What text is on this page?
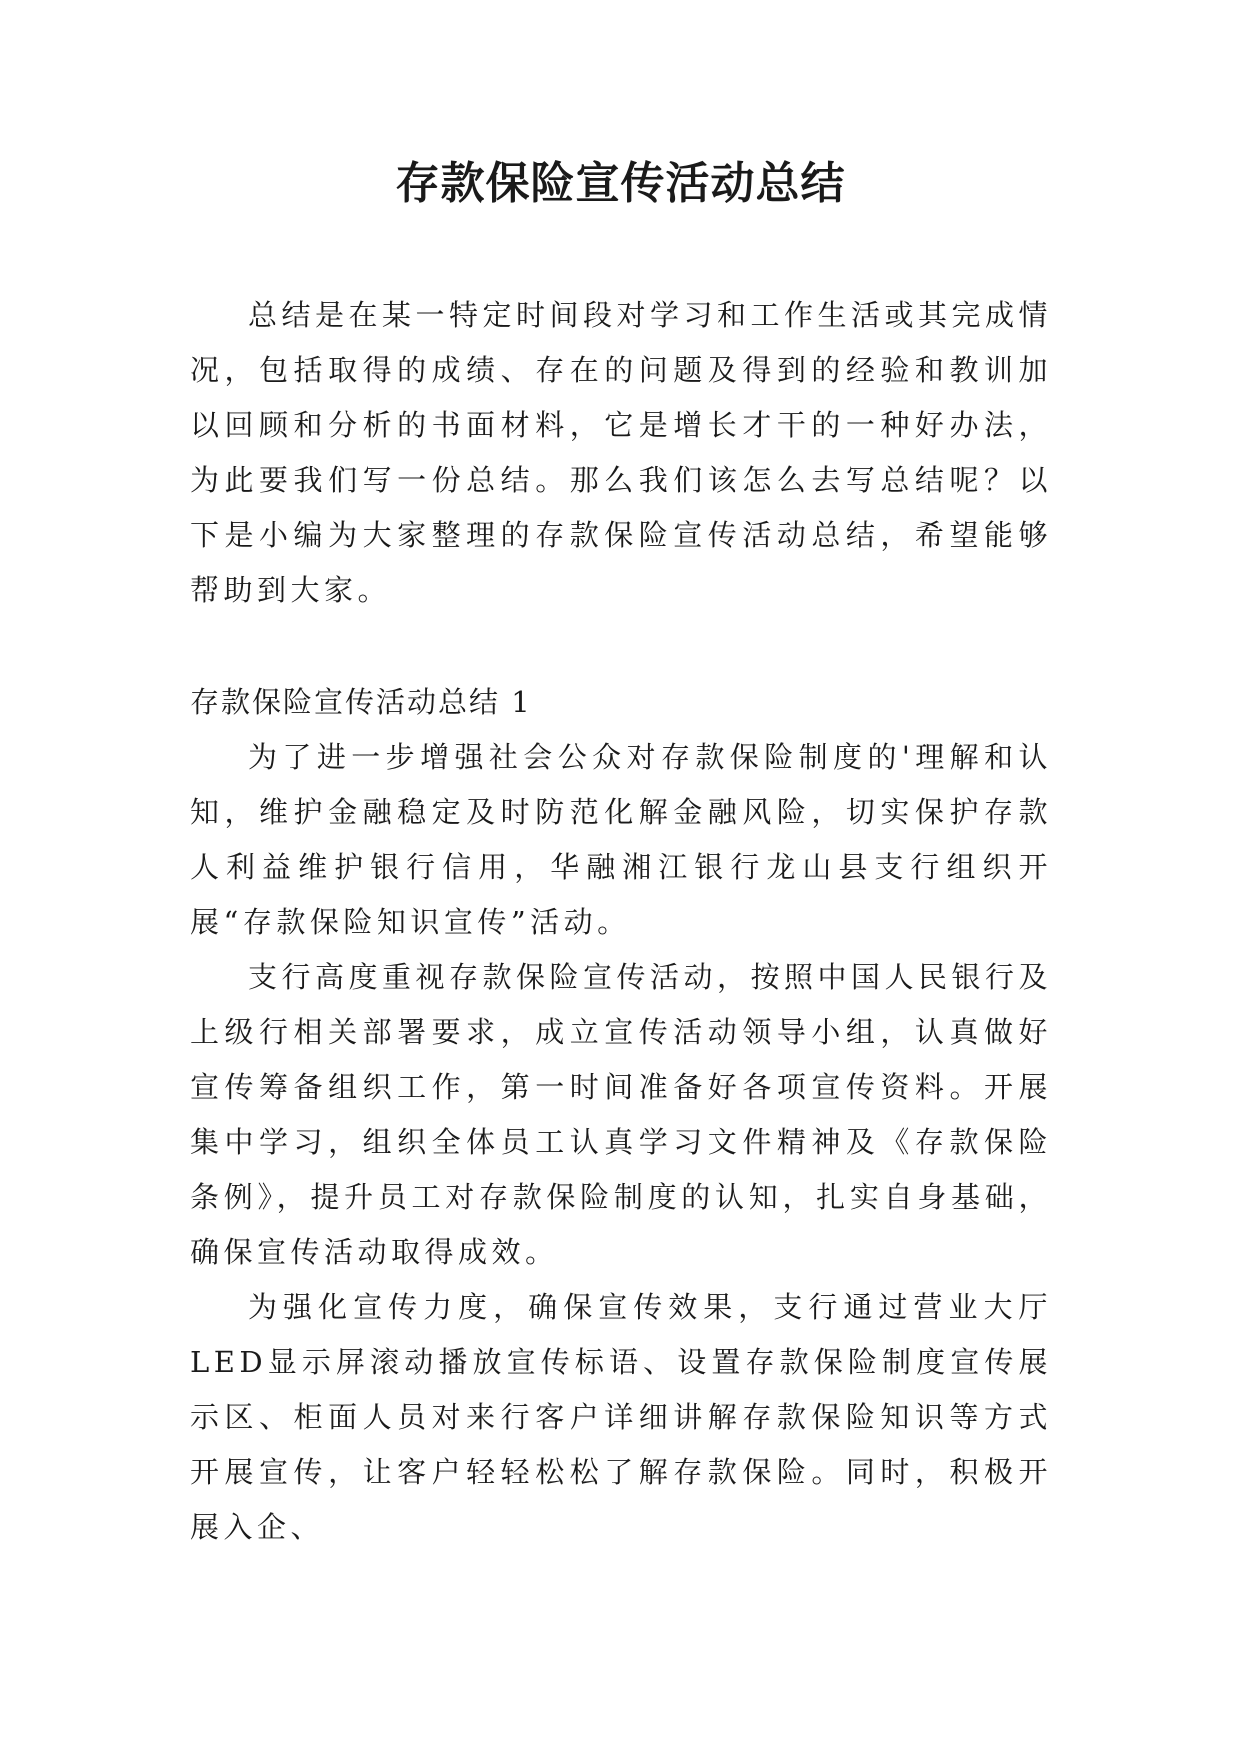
存款保险宣传活动总结

总结是在某一特定时间段对学习和工作生活或其完成情况，包括取得的成绩、存在的问题及得到的经验和教训加以回顾和分析的书面材料，它是增长才干的一种好办法，为此要我们写一份总结。那么我们该怎么去写总结呢？以下是小编为大家整理的存款保险宣传活动总结，希望能够帮助到大家。

存款保险宣传活动总结 1

为了进一步增强社会公众对存款保险制度的'理解和认知，维护金融稳定及时防范化解金融风险，切实保护存款人利益维护银行信用，华融湘江银行龙山县支行组织开展“存款保险知识宣传”活动。

支行高度重视存款保险宣传活动，按照中国人民银行及上级行相关部署要求，成立宣传活动领导小组，认真做好宣传筹备组织工作，第一时间准备好各项宣传资料。开展集中学习，组织全体员工认真学习文件精神及《存款保险条例》，提升员工对存款保险制度的认知，扎实自身基础，确保宣传活动取得成效。

为强化宣传力度，确保宣传效果，支行通过营业大厅LED显示屏滚动播放宣传标语、设置存款保险制度宣传展示区、柜面人员对来行客户详细讲解存款保险知识等方式开展宣传，让客户轻轻松松了解存款保险。同时，积极开展入企、
